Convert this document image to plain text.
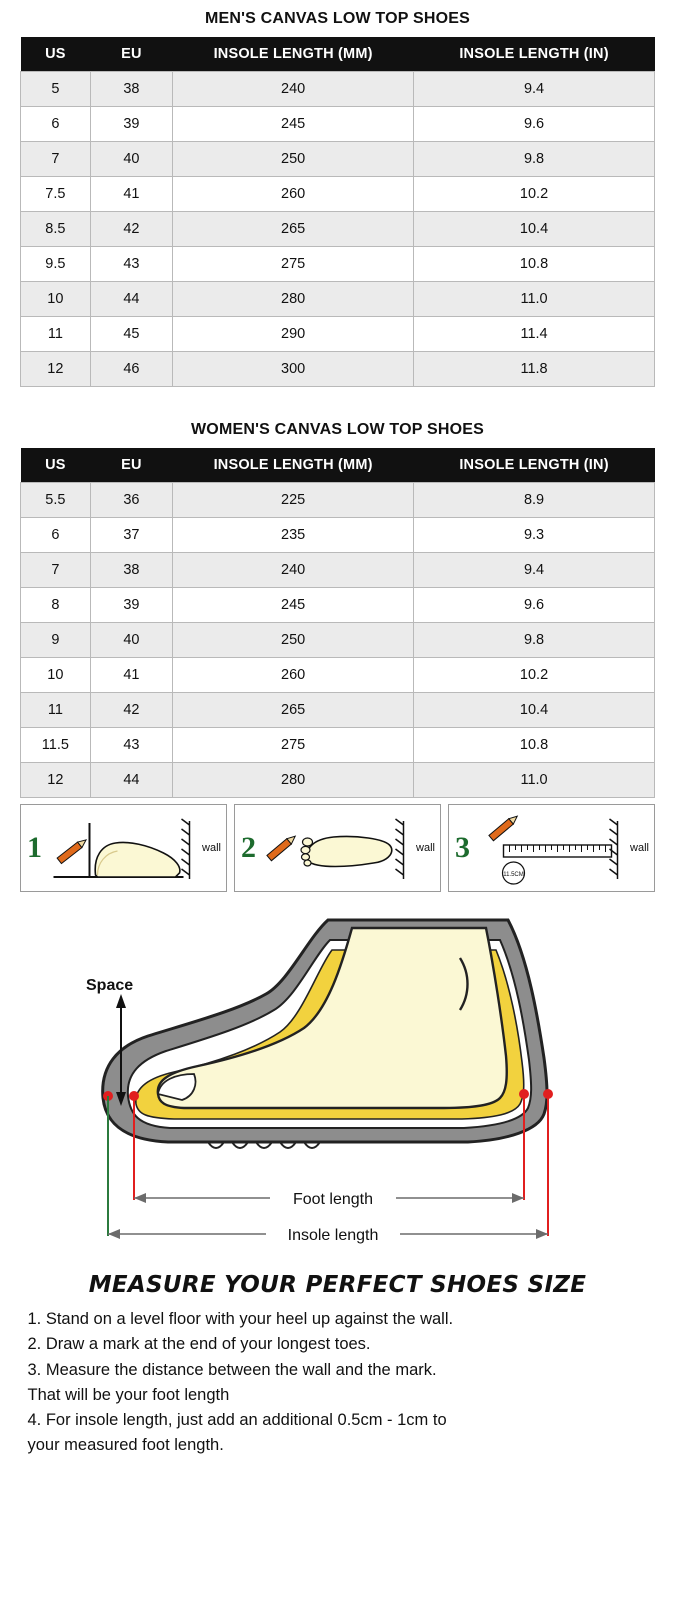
MEN'S CANVAS LOW TOP SHOES
US	EU	INSOLE LENGTH (MM)	INSOLE LENGTH (IN)
5	38	240	9.4
6	39	245	9.6
7	40	250	9.8
7.5	41	260	10.2
8.5	42	265	10.4
9.5	43	275	10.8
10	44	280	11.0
11	45	290	11.4
12	46	300	11.8
WOMEN'S CANVAS LOW TOP SHOES
US	EU	INSOLE LENGTH (MM)	INSOLE LENGTH (IN)
5.5	36	225	8.9
6	37	235	9.3
7	38	240	9.4
8	39	245	9.6
9	40	250	9.8
10	41	260	10.2
11	42	265	10.4
11.5	43	275	10.8
12	44	280	11.0
1	wall 2	wall 3
11.5CM
wall
Space
Foot length
Insole length
MEASURE YOUR PERFECT SHOES SIZE

1. Stand on a level floor with your heel up against the wall.

2. Draw a mark at the end of your longest toes.

3. Measure the distance between the wall and the mark.

That will be your foot length

4. For insole length, just add an additional 0.5cm - 1cm to

your measured foot length.
